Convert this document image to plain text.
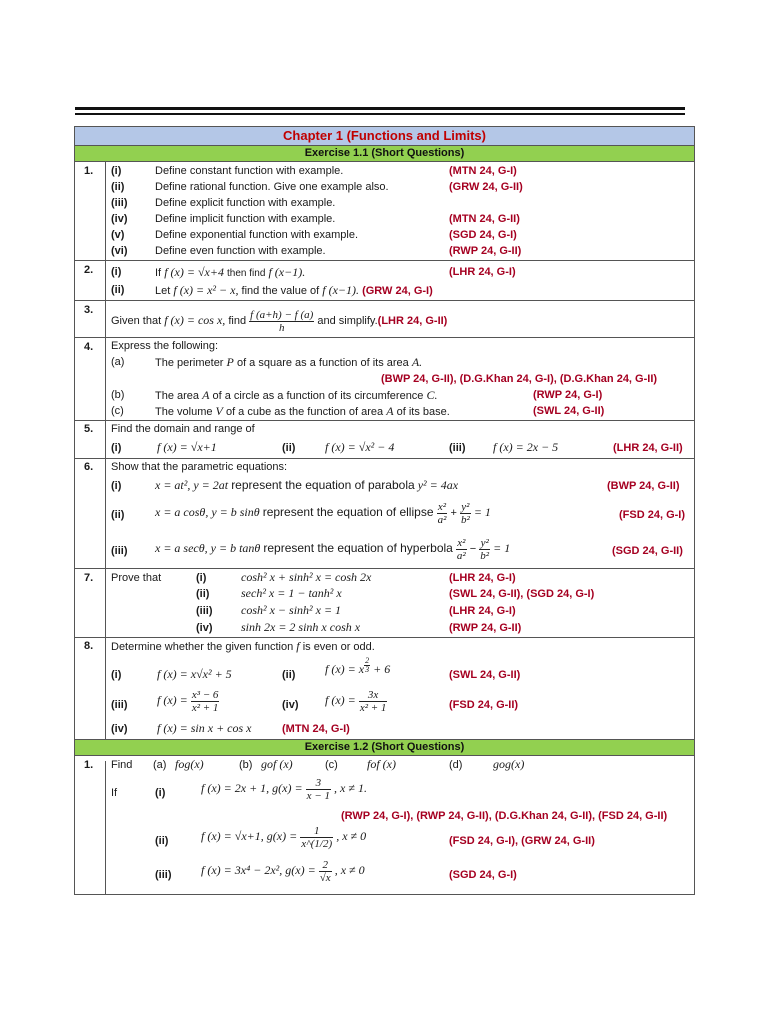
Chapter 1 (Functions and Limits)
Exercise 1.1 (Short Questions)
Exercise 1.2 (Short Questions)
1. (i)	Define constant function with example.	(MTN 24, G-I)
(ii)	Define rational function. Give one example also.	(GRW 24, G-II)
(iii)	Define explicit function with example.
(iv)	Define implicit function with example.	(MTN 24, G-II)
(v)	Define exponential function with example.	(SGD 24, G-I)
(vi)	Define even function with example.	(RWP 24, G-II)
2. (i)	If f (x) = √x+4 then find f (x−1).	(LHR 24, G-I)
(ii)	Let f (x) = x² − x, find the value of f (x−1). (GRW 24, G-I)
3.
Given that f (x) = cos x, find $\frac{f (a+h) - f (a)}{h}$ and simplify.(LHR 24, G-II)
4. Express the following:
(a)	The perimeter P of a square as a function of its area A.
(BWP 24, G-II), (D.G.Khan 24, G-I), (D.G.Khan 24, G-II)
(b)	The area A of a circle as a function of its circumference C.	(RWP 24, G-I)
(c)	The volume V of a cube as the function of area A of its base.	(SWL 24, G-II)
5. Find the domain and range of
(i)	f (x) = √x+1	(ii) f (x) = √x² − 4	(iii) f (x) = 2x − 5	(LHR 24, G-II)
6. Show that the parametric equations:
(i)	x = at², y = 2at represent the equation of parabola y² = 4ax	(BWP 24, G-II)
(ii)	x = a cosθ, y = b sinθ represent the equation of ellipse $\frac{\text{x²}}{\text{a²}} + \frac{\text{y²}}{\text{b²}} = 1$	(FSD 24, G-I)
(iii) x = a secθ, y = b tanθ represent the equation of hyperbola $\frac{\text{x²}}{\text{a²}} - \frac{\text{y²}}{\text{b²}} = 1$	(SGD 24, G-II)
7. Prove that	(i)	cosh² x + sinh² x = cosh 2x	(LHR 24, G-I)
(ii)	sech² x = 1 − tanh² x	(SWL 24, G-II), (SGD 24, G-I)
(iii) cosh² x − sinh² x = 1	(LHR 24, G-I)
(iv) sinh 2x = 2 sinh x cosh x	(RWP 24, G-II)
8. Determine whether the given function f is even or odd.
(i)	f (x) = x√x² + 5	(ii) f (x) = x $\frac{2}{3} + 6$	(SWL 24, G-II)
(iii) f $(x) = \frac{\text{x³ − 6}}{\text{x² + 1}}$	(iv) f $(x) = \frac{3x}{\text{x² + 1}}$	(FSD 24, G-II)
(iv) f (x) = sin x + cos x	(MTN 24, G-I)
1. Find (a) fog(x)	(b) gof (x)	(c) fof (x)	(d)	gog(x)
If	(i)	f (x) = 2x + 1, $g(x) = \frac{3}{x - 1}$ , x ≠ 1.
(RWP 24, G-I), (RWP 24, G-II), (D.G.Khan 24, G-II), (FSD 24, G-II)
(ii)	f (x) = √x+1, $g(x) = \frac{1}{x\^{}(1/2)}$ , x ≠ 0	(FSD 24, G-I), (GRW 24, G-II)
(iii) f (x) = 3x⁴ − 2x², $g(x) = \frac{2}{√x}$ , x ≠ 0	(SGD 24, G-I)
